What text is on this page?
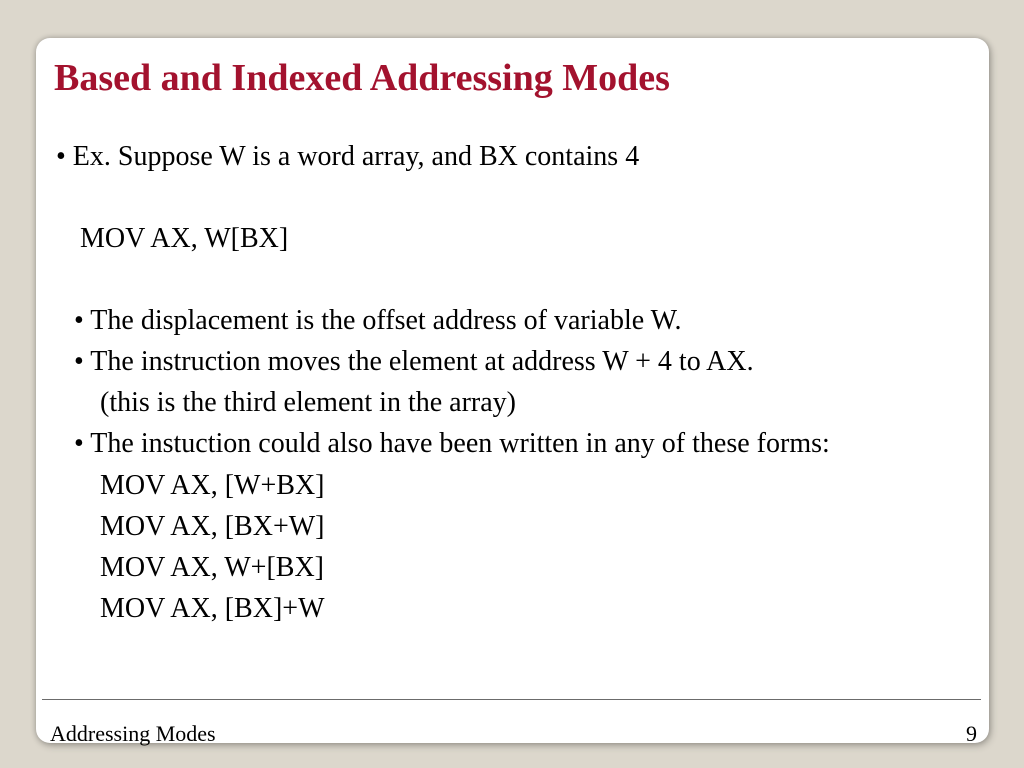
Based and Indexed Addressing Modes
• Ex. Suppose W is a word array, and BX contains 4
MOV AX, W[BX]
• The displacement is the offset address of variable W.
• The instruction moves the element at address W + 4 to AX.
(this is the third element in the array)
• The instuction could also have been written in any of these forms:
MOV AX, [W+BX]
MOV AX, [BX+W]
MOV AX, W+[BX]
MOV AX, [BX]+W
Addressing Modes	9
